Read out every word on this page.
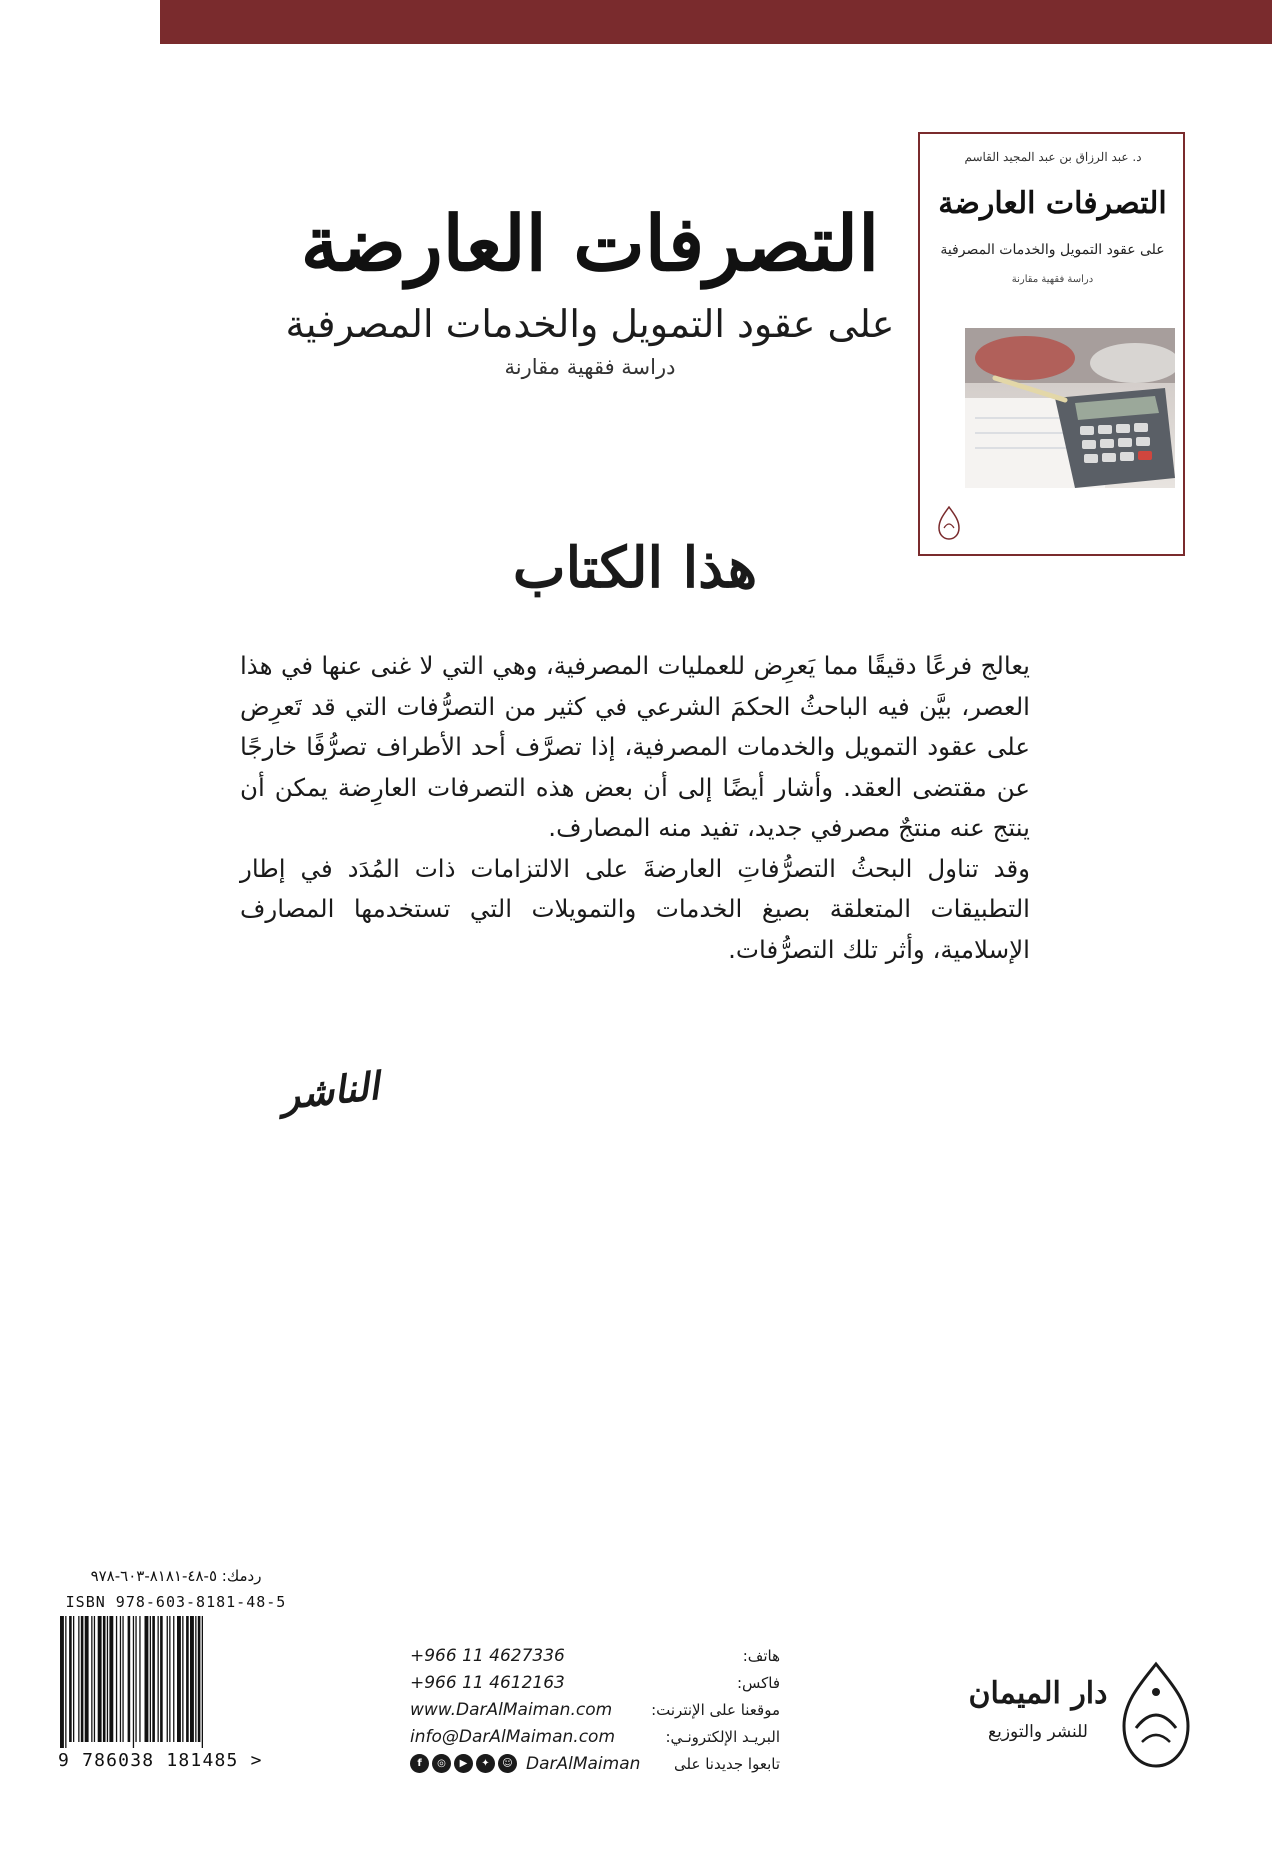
التصرفات العارضة

على عقود التمويل والخدمات المصرفية

دراسة فقهية مقارنة

هذا الكتاب
د. عبد الرزاق بن عبد المجيد القاسم
التصرفات العارضة
على عقود التمويل والخدمات المصرفية
دراسة فقهية مقارنة

يعالج فرعًا دقيقًا مما يَعرِض للعمليات المصرفية، وهي التي لا غنى عنها في هذا العصر، بيَّن فيه الباحثُ الحكمَ الشرعي في كثير من التصرُّفات التي قد تَعرِض على عقود التمويل والخدمات المصرفية، إذا تصرَّف أحد الأطراف تصرُّفًا خارجًا عن مقتضى العقد. وأشار أيضًا إلى أن بعض هذه التصرفات العارِضة يمكن أن ينتج عنه منتجٌ مصرفي جديد، تفيد منه المصارف.

وقد تناول البحثُ التصرُّفاتِ العارضةَ على الالتزامات ذات المُدَد في إطار التطبيقات المتعلقة بصيغ الخدمات والتمويلات التي تستخدمها المصارف الإسلامية، وأثر تلك التصرُّفات.

الناشر
ردمك: ٥-٤٨-٨١٨١-٦٠٣-٩٧٨
ISBN 978-603-8181-48-5
9 786038 181485 >
+966 11 4627336	هاتف:
+966 11 4612163	فاكس:
www.DarAlMaiman.com	موقعنا على الإنترنت:
info@DarAlMaiman.com	البريـد الإلكترونـي:
f	◎	▶	✦	☺ DarAlMaiman تابعوا جديدنا على
دار الميمان
للنشر والتوزيع
